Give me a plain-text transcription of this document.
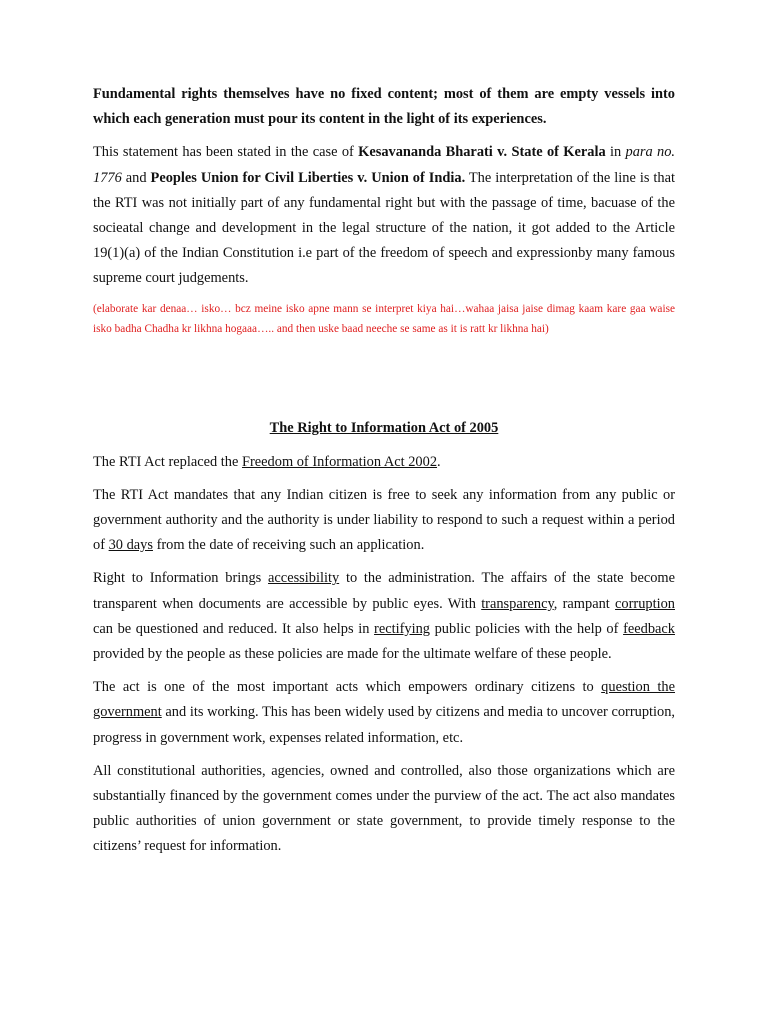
Fundamental rights themselves have no fixed content; most of them are empty vessels into which each generation must pour its content in the light of its experiences.

This statement has been stated in the case of Kesavananda Bharati v. State of Kerala in para no. 1776 and Peoples Union for Civil Liberties v. Union of India. The interpretation of the line is that the RTI was not initially part of any fundamental right but with the passage of time, bacuase of the socieatal change and development in the legal structure of the nation, it got added to the Article 19(1)(a) of the Indian Constitution i.e part of the freedom of speech and expressionby many famous supreme court judgements.

(elaborate kar denaa… isko… bcz meine isko apne mann se interpret kiya hai…wahaa jaisa jaise dimag kaam kare gaa waise isko badha Chadha kr likhna hogaaa….. and then uske baad neeche se same as it is ratt kr likhna hai)

The Right to Information Act of 2005

The RTI Act replaced the Freedom of Information Act 2002.

The RTI Act mandates that any Indian citizen is free to seek any information from any public or government authority and the authority is under liability to respond to such a request within a period of 30 days from the date of receiving such an application.

Right to Information brings accessibility to the administration. The affairs of the state become transparent when documents are accessible by public eyes. With transparency, rampant corruption can be questioned and reduced. It also helps in rectifying public policies with the help of feedback provided by the people as these policies are made for the ultimate welfare of these people.

The act is one of the most important acts which empowers ordinary citizens to question the government and its working. This has been widely used by citizens and media to uncover corruption, progress in government work, expenses related information, etc.

All constitutional authorities, agencies, owned and controlled, also those organizations which are substantially financed by the government comes under the purview of the act. The act also mandates public authorities of union government or state government, to provide timely response to the citizens’ request for information.
